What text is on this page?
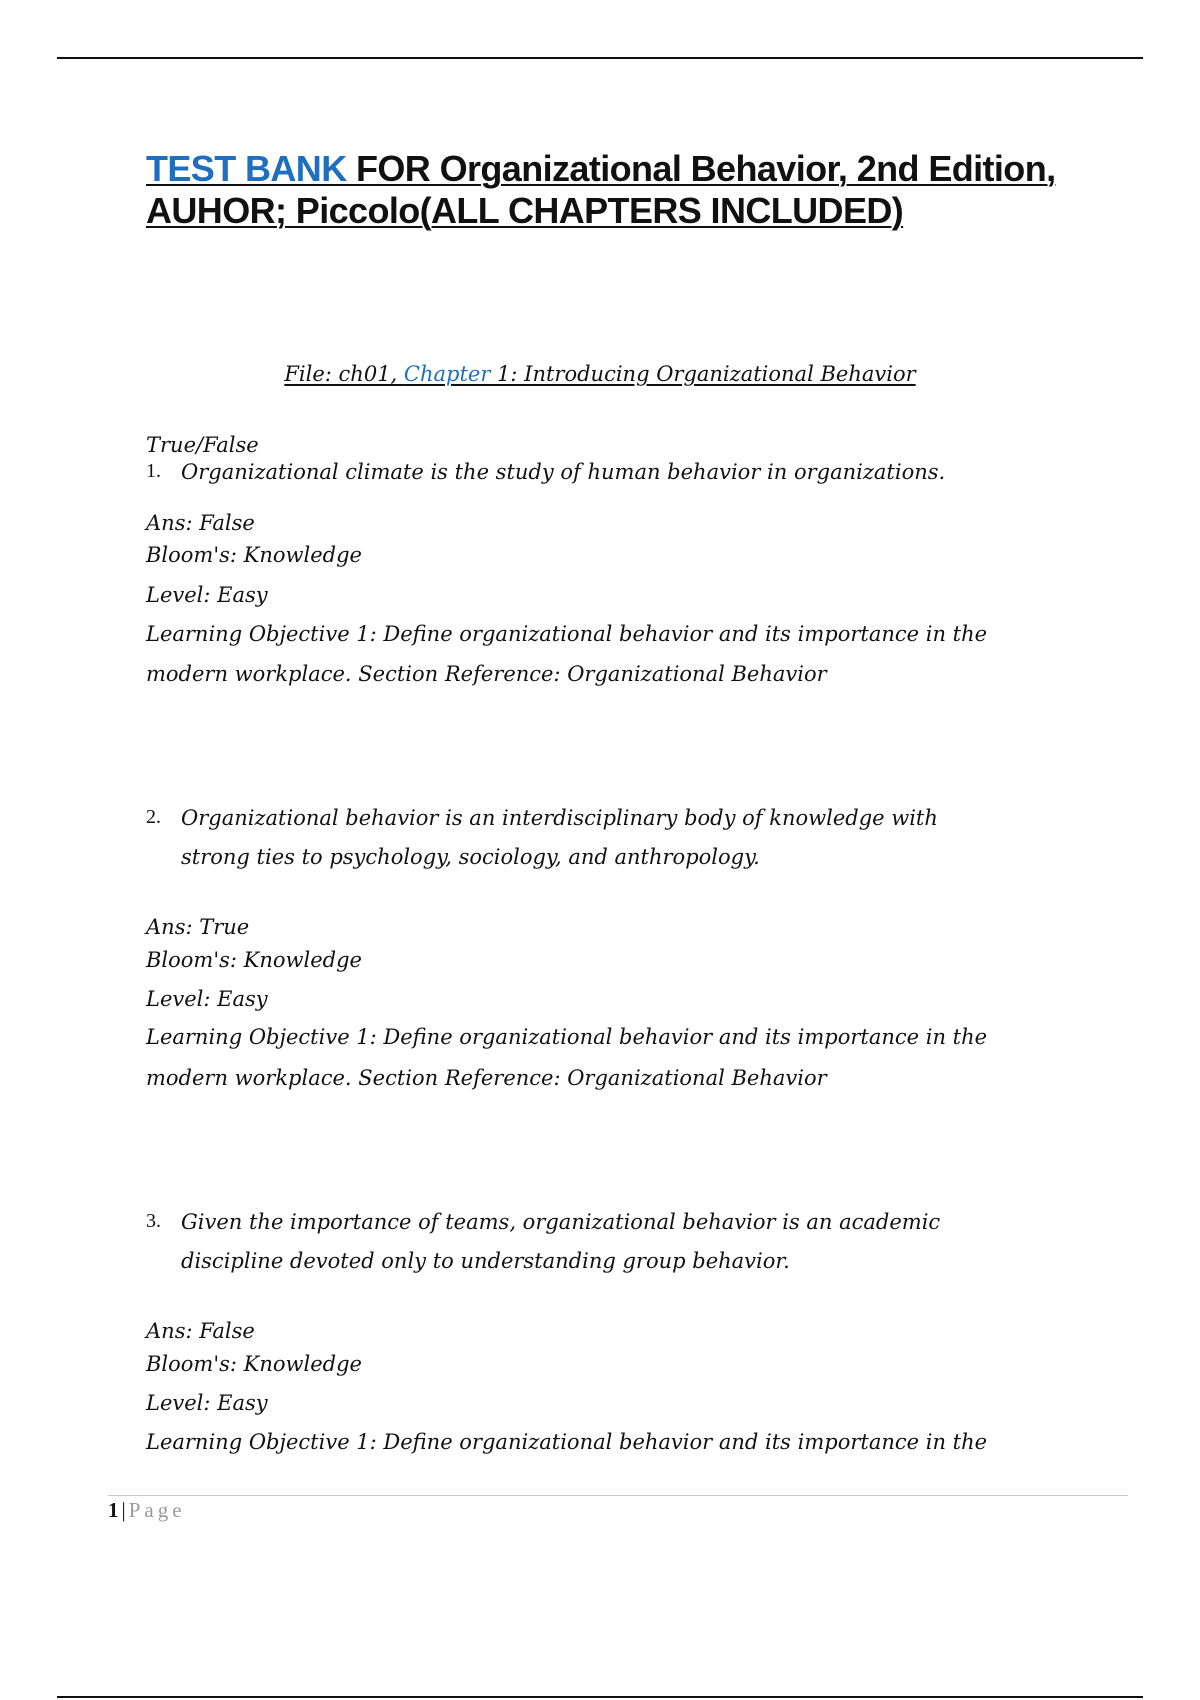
TEST BANK FOR Organizational Behavior, 2nd Edition, AUHOR; Piccolo(ALL CHAPTERS INCLUDED)
File: ch01, Chapter 1: Introducing Organizational Behavior
True/False
1. Organizational climate is the study of human behavior in organizations.
Ans: False
Bloom's: Knowledge
Level: Easy
Learning Objective 1: Define organizational behavior and its importance in the
modern workplace. Section Reference: Organizational Behavior
2. Organizational behavior is an interdisciplinary body of knowledge with
strong ties to psychology, sociology, and anthropology.
Ans: True
Bloom's: Knowledge
Level: Easy
Learning Objective 1: Define organizational behavior and its importance in the
modern workplace. Section Reference: Organizational Behavior
3. Given the importance of teams, organizational behavior is an academic
discipline devoted only to understanding group behavior.
Ans: False
Bloom's: Knowledge
Level: Easy
Learning Objective 1: Define organizational behavior and its importance in the
1 | Page
